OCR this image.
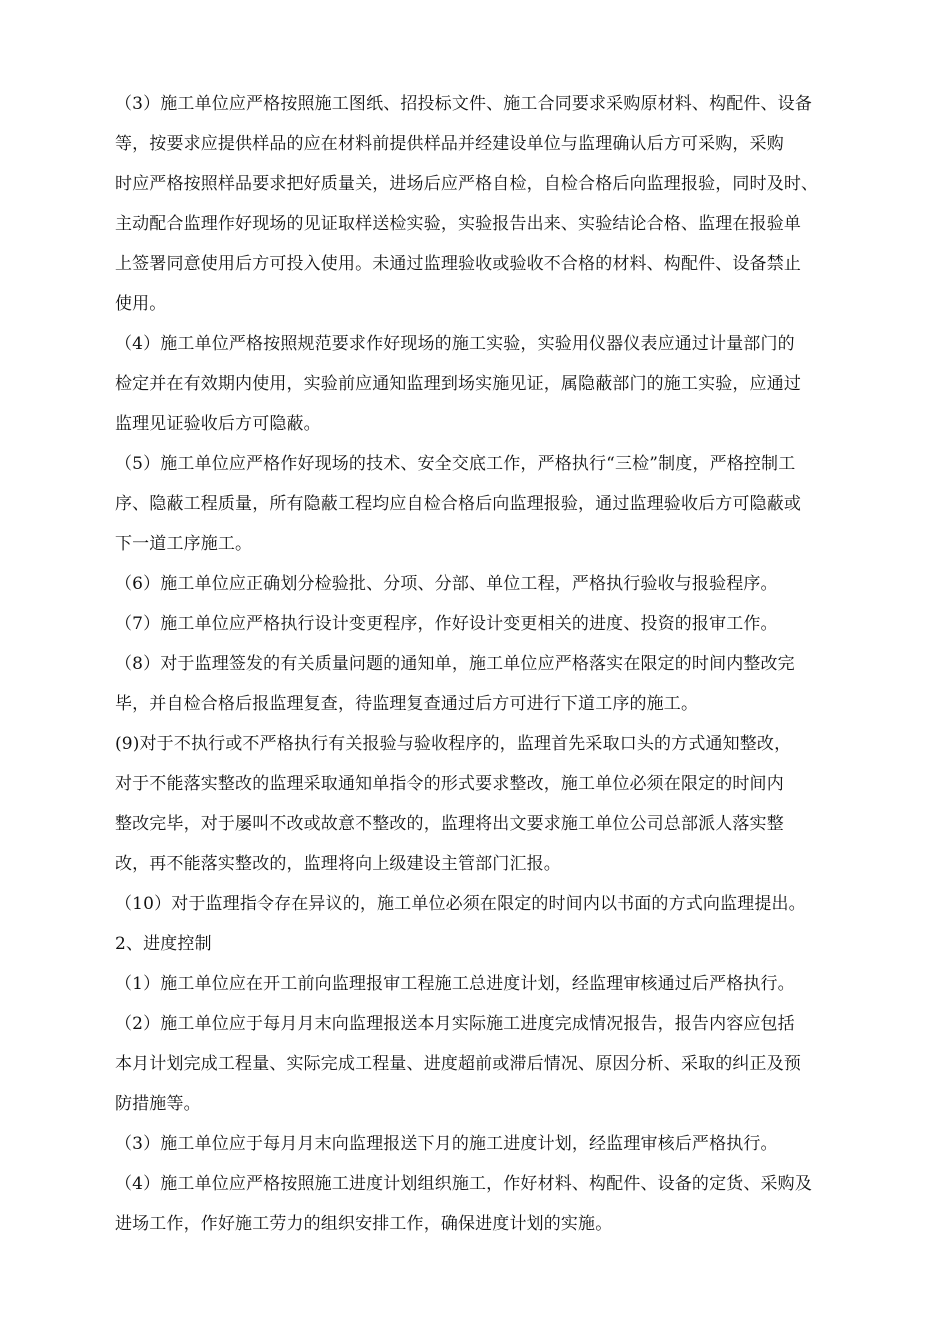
（3）施工单位应严格按照施工图纸、招投标文件、施工合同要求采购原材料、构配件、设备
等，按要求应提供样品的应在材料前提供样品并经建设单位与监理确认后方可采购，采购
时应严格按照样品要求把好质量关，进场后应严格自检，自检合格后向监理报验，同时及时、
主动配合监理作好现场的见证取样送检实验，实验报告出来、实验结论合格、监理在报验单
上签署同意使用后方可投入使用。未通过监理验收或验收不合格的材料、构配件、设备禁止
使用。
（4）施工单位严格按照规范要求作好现场的施工实验，实验用仪器仪表应通过计量部门的
检定并在有效期内使用，实验前应通知监理到场实施见证，属隐蔽部门的施工实验，应通过
监理见证验收后方可隐蔽。
（5）施工单位应严格作好现场的技术、安全交底工作，严格执行“三检”制度，严格控制工
序、隐蔽工程质量，所有隐蔽工程均应自检合格后向监理报验，通过监理验收后方可隐蔽或
下一道工序施工。
（6）施工单位应正确划分检验批、分项、分部、单位工程，严格执行验收与报验程序。
（7）施工单位应严格执行设计变更程序，作好设计变更相关的进度、投资的报审工作。
（8）对于监理签发的有关质量问题的通知单，施工单位应严格落实在限定的时间内整改完
毕，并自检合格后报监理复查，待监理复查通过后方可进行下道工序的施工。
(9)对于不执行或不严格执行有关报验与验收程序的，监理首先采取口头的方式通知整改，
对于不能落实整改的监理采取通知单指令的形式要求整改，施工单位必须在限定的时间内
整改完毕，对于屡叫不改或故意不整改的，监理将出文要求施工单位公司总部派人落实整
改，再不能落实整改的，监理将向上级建设主管部门汇报。
（10）对于监理指令存在异议的，施工单位必须在限定的时间内以书面的方式向监理提出。
2、进度控制
（1）施工单位应在开工前向监理报审工程施工总进度计划，经监理审核通过后严格执行。
（2）施工单位应于每月月末向监理报送本月实际施工进度完成情况报告，报告内容应包括
本月计划完成工程量、实际完成工程量、进度超前或滞后情况、原因分析、采取的纠正及预
防措施等。
（3）施工单位应于每月月末向监理报送下月的施工进度计划，经监理审核后严格执行。
（4）施工单位应严格按照施工进度计划组织施工，作好材料、构配件、设备的定货、采购及
进场工作，作好施工劳力的组织安排工作，确保进度计划的实施。
